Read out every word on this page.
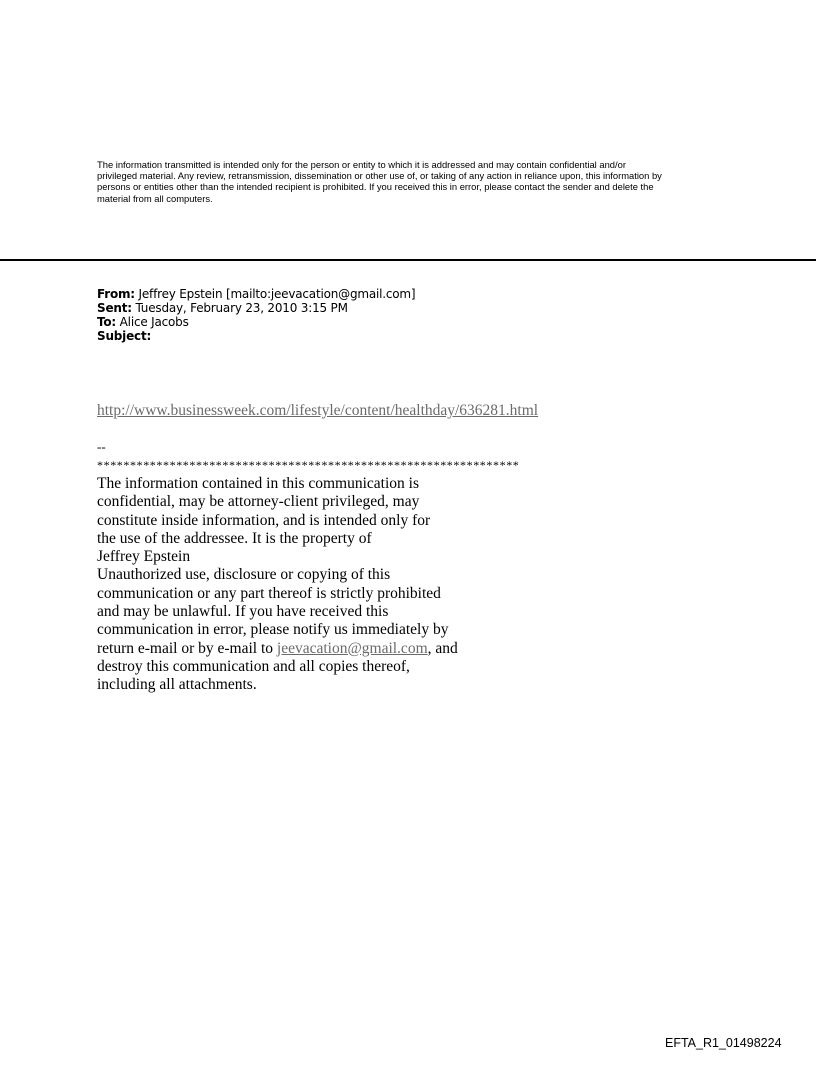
The information transmitted is intended only for the person or entity to which it is addressed and may contain confidential and/or
privileged material. Any review, retransmission, dissemination or other use of, or taking of any action in reliance upon, this information by
persons or entities other than the intended recipient is prohibited. If you received this in error, please contact the sender and delete the
material from all computers.
From: Jeffrey Epstein [mailto:jeevacation@gmail.com]
Sent: Tuesday, February 23, 2010 3:15 PM
To: Alice Jacobs
Subject:
http://www.businessweek.com/lifestyle/content/healthday/636281.html
--
****************************************************************
The information contained in this communication is
confidential, may be attorney-client privileged, may
constitute inside information, and is intended only for
the use of the addressee. It is the property of
Jeffrey Epstein
Unauthorized use, disclosure or copying of this
communication or any part thereof is strictly prohibited
and may be unlawful. If you have received this
communication in error, please notify us immediately by
return e-mail or by e-mail to jeevacation@gmail.com, and
destroy this communication and all copies thereof,
including all attachments.
EFTA_R1_01498224
